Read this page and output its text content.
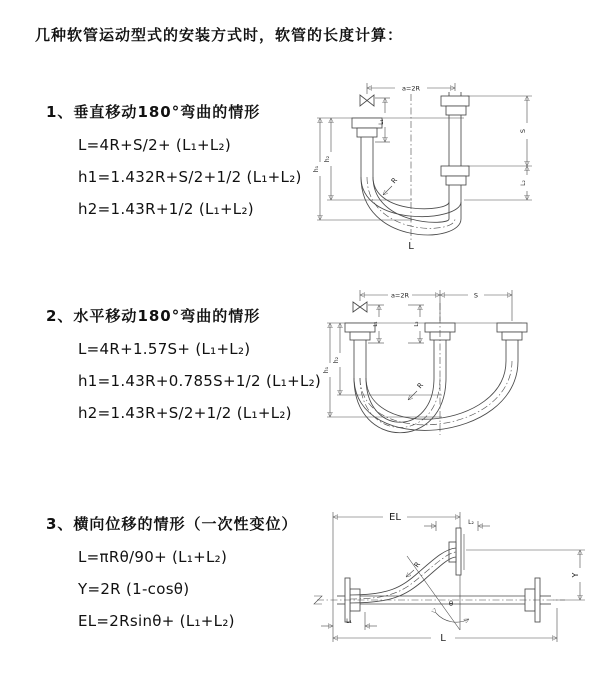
几种软管运动型式的安装方式时，软管的长度计算：
1、垂直移动180°弯曲的情形
L=4R+S/2+ (L₁+L₂)
h1=1.432R+S/2+1/2 (L₁+L₂)
h2=1.43R+1/2 (L₁+L₂)
2、水平移动180°弯曲的情形
L=4R+1.57S+ (L₁+L₂)
h1=1.43R+0.785S+1/2 (L₁+L₂)
h2=1.43R+S/2+1/2 (L₁+L₂)
3、横向位移的情形（一次性变位）
L=πRθ/90+ (L₁+L₂)
Y=2R (1-cosθ)
EL=2Rsinθ+ (L₁+L₂)
a=2R
L₁
S
L₂
h₂
h₁
R
L
a=2R	S
L₁	L₂
h₂
h₁
R
EL	L₂
R
θ
Y
L₁
L
